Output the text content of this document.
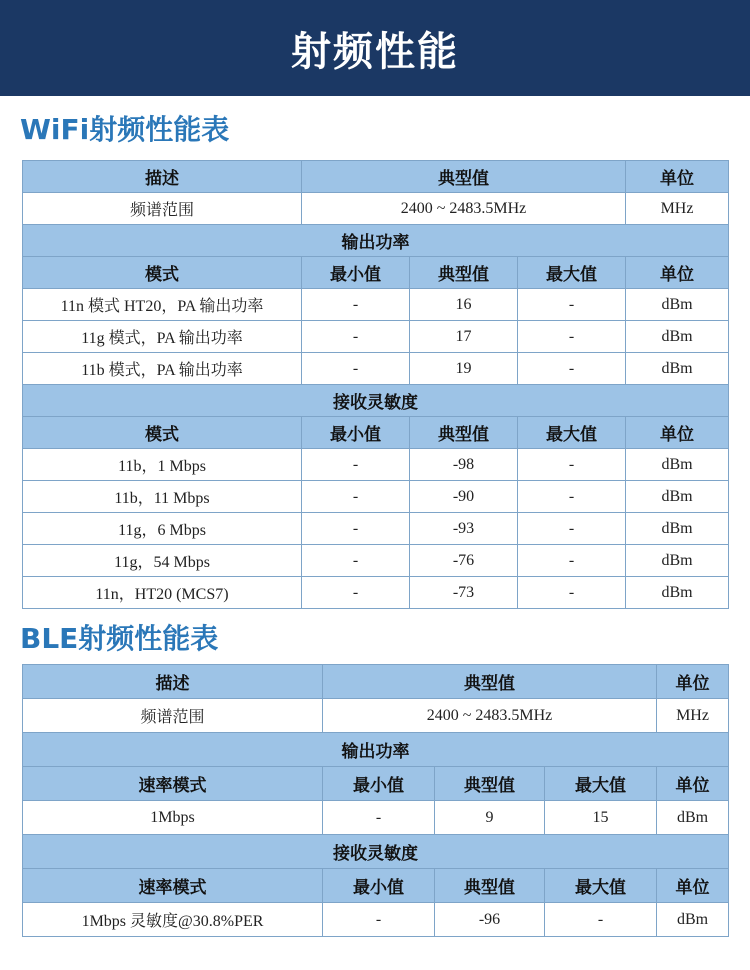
射频性能
WiFi射频性能表
描述	典型值			单位
频谱范围	2400 ~ 2483.5MHz			MHz
输出功率				
模式	最小值	典型值	最大值	单位
11n 模式 HT20，PA 输出功率	-	16	-	dBm
11g 模式，PA 输出功率	-	17	-	dBm
11b 模式，PA 输出功率	-	19	-	dBm
接收灵敏度				
模式	最小值	典型值	最大值	单位
11b，1 Mbps	-	-98	-	dBm
11b，11 Mbps	-	-90	-	dBm
11g，6 Mbps	-	-93	-	dBm
11g，54 Mbps	-	-76	-	dBm
11n，HT20 (MCS7)	-	-73	-	dBm
BLE射频性能表
描述	典型值			单位
频谱范围	2400 ~ 2483.5MHz			MHz
输出功率				
速率模式	最小值	典型值	最大值	单位
1Mbps	-	9	15	dBm
接收灵敏度				
速率模式	最小值	典型值	最大值	单位
1Mbps 灵敏度@30.8%PER	-	-96	-	dBm
